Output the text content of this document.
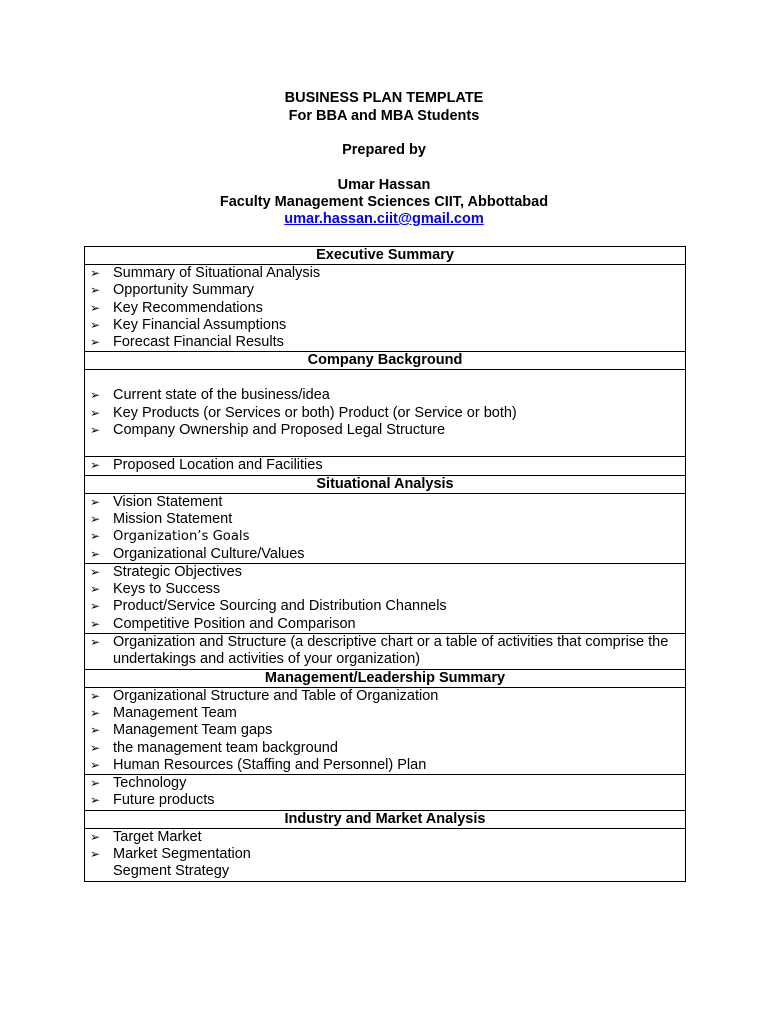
BUSINESS PLAN TEMPLATE
For BBA and MBA Students
Prepared by
Umar Hassan
Faculty Management Sciences CIIT, Abbottabad
umar.hassan.ciit@gmail.com
Executive Summary

➢ Summary of Situational Analysis
➢ Opportunity Summary
➢ Key Recommendations
➢ Key Financial Assumptions
➢ Forecast Financial Results

Company Background

➢ Current state of the business/idea
➢ Key Products (or Services or both) Product (or Service or both)
➢ Company Ownership and Proposed Legal Structure

➢ Proposed Location and Facilities

Situational Analysis

➢ Vision Statement
➢ Mission Statement
➢ Organization’s Goals
➢ Organizational Culture/Values

➢ Strategic Objectives
➢ Keys to Success
➢ Product/Service Sourcing and Distribution Channels
➢ Competitive Position and Comparison

➢ Organization and Structure (a descriptive chart or a table of activities that comprise the undertakings and activities of your organization)

Management/Leadership Summary

➢ Organizational Structure and Table of Organization
➢ Management Team
➢ Management Team gaps
➢ the management team background
➢ Human Resources (Staffing and Personnel) Plan

➢ Technology
➢ Future products

Industry and Market Analysis

➢ Target Market
➢ Market Segmentation
Segment Strategy
